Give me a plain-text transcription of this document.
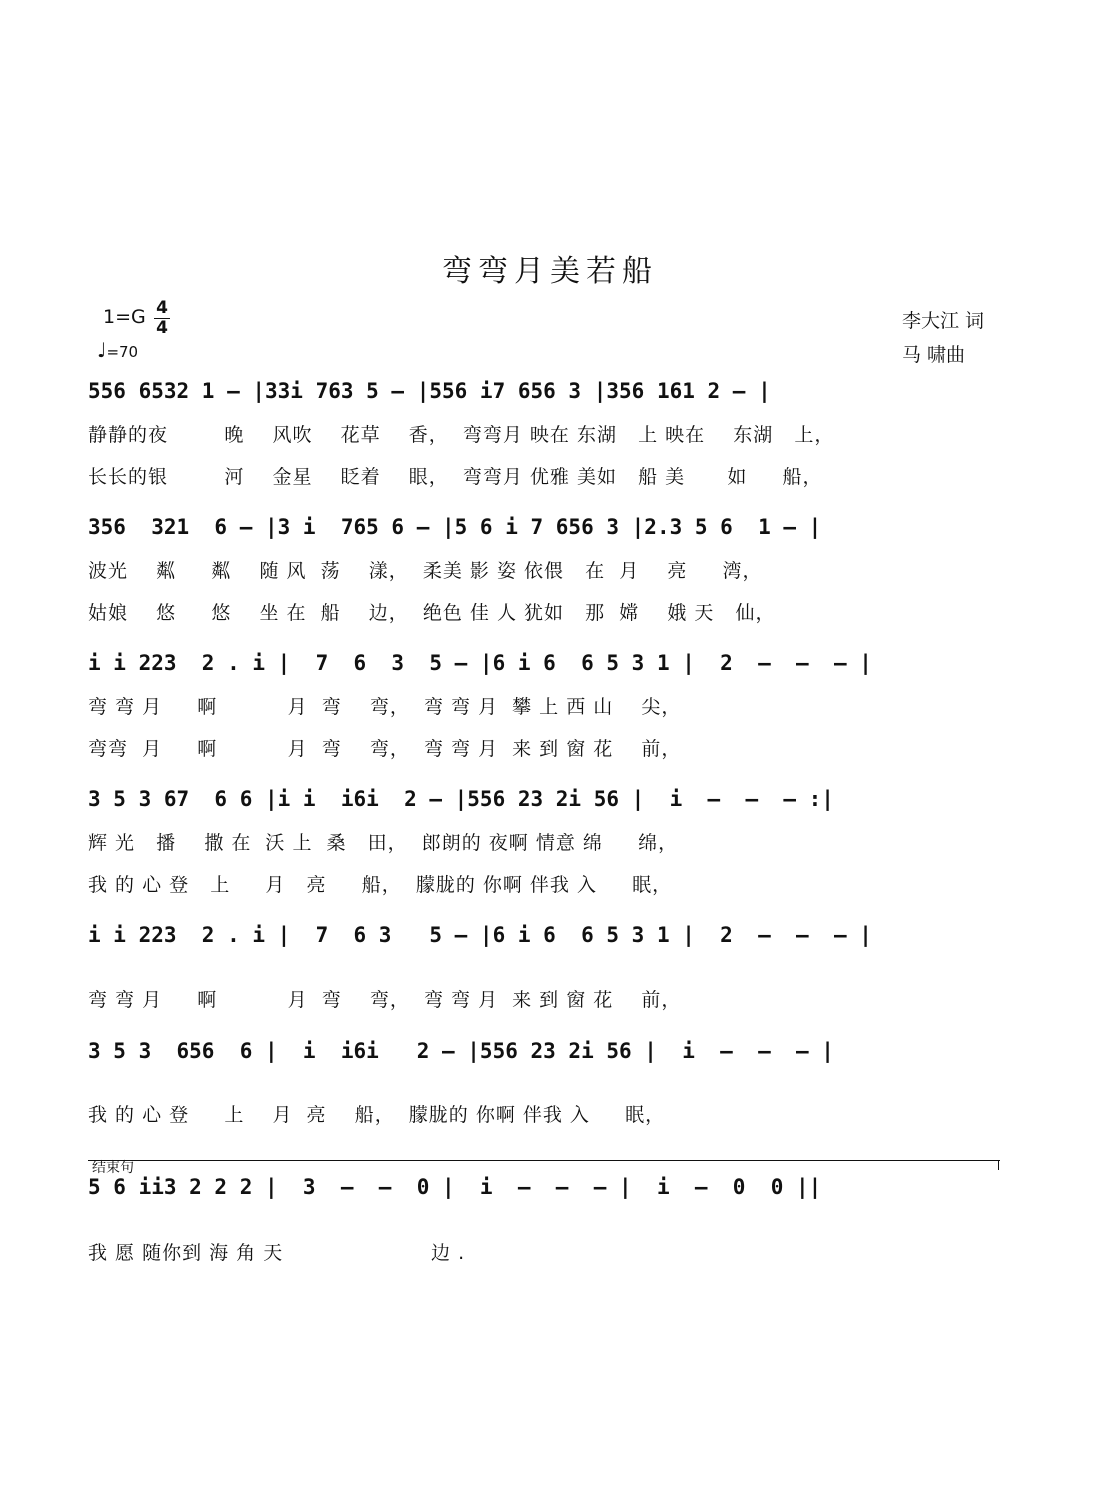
弯弯月美若船
1=G 4
4
♩=70
李大江 词
马 啸曲
556 6532 1 – |33i 763 5 – |556 i7 656 3 |356 161 2 – |
静静的夜        晚    风吹    花草    香，  弯弯月 映在 东湖   上 映在    东湖   上，
长长的银        河    金星    眨着    眼，  弯弯月 优雅 美如   船 美      如     船，
356  321  6 – |3 i  765 6 – |5 6 i 7 656 3 |2.3 5 6  1 – |
波光    粼     粼    随 风  荡    漾，  柔美 影 姿 依偎   在  月    亮     湾，
姑娘    悠     悠    坐 在  船    边，  绝色 佳 人 犹如   那  嫦    娥 天   仙，
i i 223  2 . i |  7  6  3  5 – |6 i 6  6 5 3 1 |  2  –  –  – |
弯 弯 月     啊          月  弯    弯，  弯 弯 月  攀 上 西 山    尖，
弯弯  月     啊          月  弯    弯，  弯 弯 月  来 到 窗 花    前，
3 5 3 67  6 6 |i i  i6i  2 – |556 23 2i 56 |  i  –  –  – :|
辉 光   播    撒 在  沃 上  桑   田，  郎朗的 夜啊 情意 绵     绵，
我 的 心 登   上     月   亮     船，  朦胧的 你啊 伴我 入     眠，
i i 223  2 . i |  7  6 3   5 – |6 i 6  6 5 3 1 |  2  –  –  – |
弯 弯 月     啊          月  弯    弯，  弯 弯 月  来 到 窗 花    前，
3 5 3  656  6 |  i  i6i   2 – |556 23 2i 56 |  i  –  –  – |
我 的 心 登     上    月  亮    船，  朦胧的 你啊 伴我 入     眠，
结束句
5 6 ii3 2 2 2 |  3  –  –  0 |  i  –  –  – |  i  –  0  0 ||
我 愿 随你到 海 角 天                     边 .
